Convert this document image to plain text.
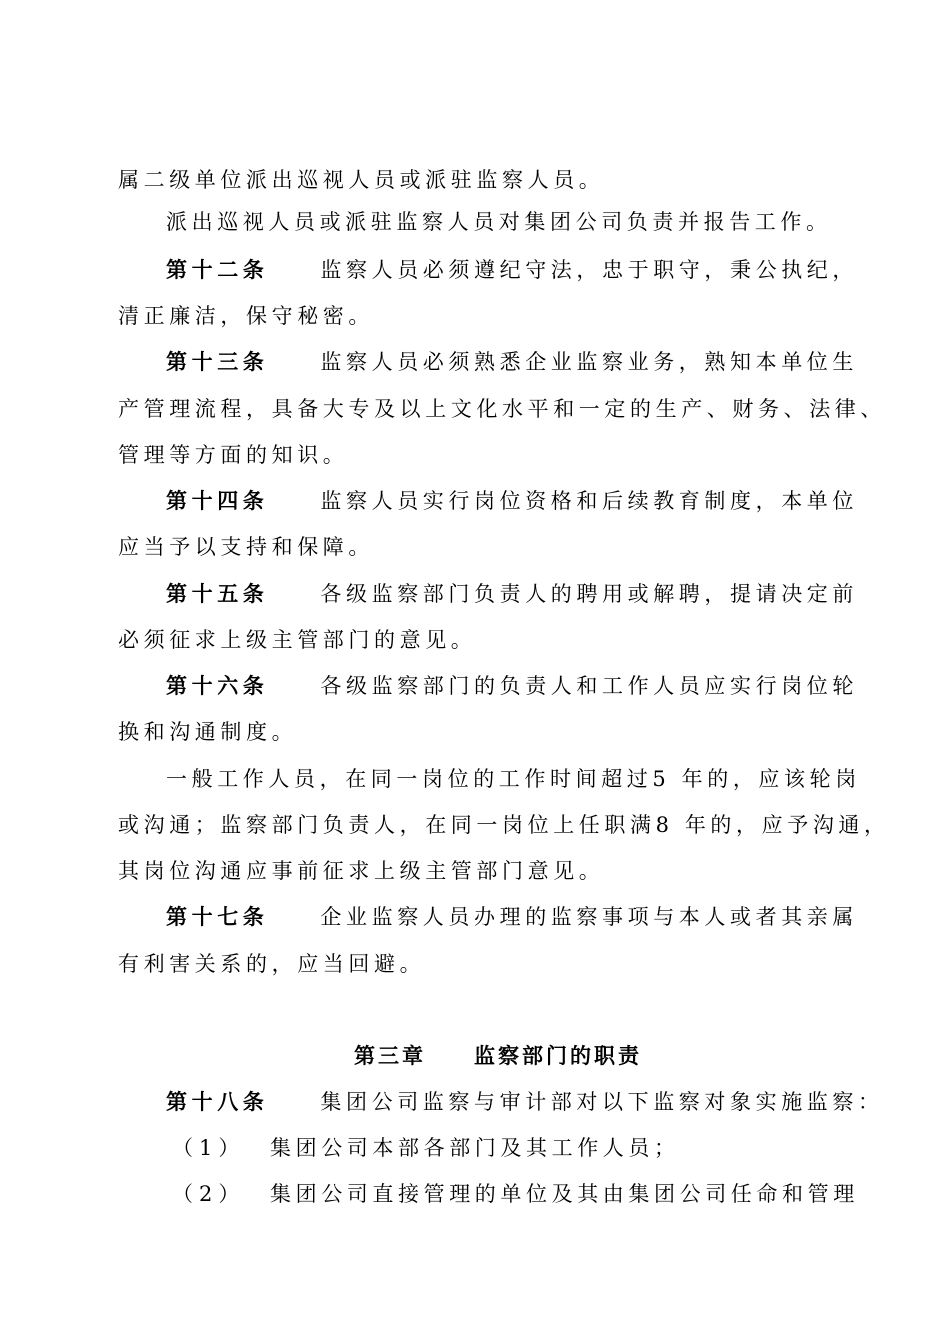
属二级单位派出巡视人员或派驻监察人员。
派出巡视人员或派驻监察人员对集团公司负责并报告工作。
第十二条 监察人员必须遵纪守法，忠于职守，秉公执纪，
清正廉洁，保守秘密。
第十三条 监察人员必须熟悉企业监察业务，熟知本单位生
产管理流程，具备大专及以上文化水平和一定的生产、财务、法律、
管理等方面的知识。
第十四条 监察人员实行岗位资格和后续教育制度，本单位
应当予以支持和保障。
第十五条 各级监察部门负责人的聘用或解聘，提请决定前
必须征求上级主管部门的意见。
第十六条 各级监察部门的负责人和工作人员应实行岗位轮
换和沟通制度。
一般工作人员，在同一岗位的工作时间超过5 年的，应该轮岗
或沟通；监察部门负责人，在同一岗位上任职满8 年的，应予沟通，
其岗位沟通应事前征求上级主管部门意见。
第十七条 企业监察人员办理的监察事项与本人或者其亲属
有利害关系的，应当回避。
第三章 监察部门的职责
第十八条 集团公司监察与审计部对以下监察对象实施监察：
（1） 集团公司本部各部门及其工作人员；
（2） 集团公司直接管理的单位及其由集团公司任命和管理
